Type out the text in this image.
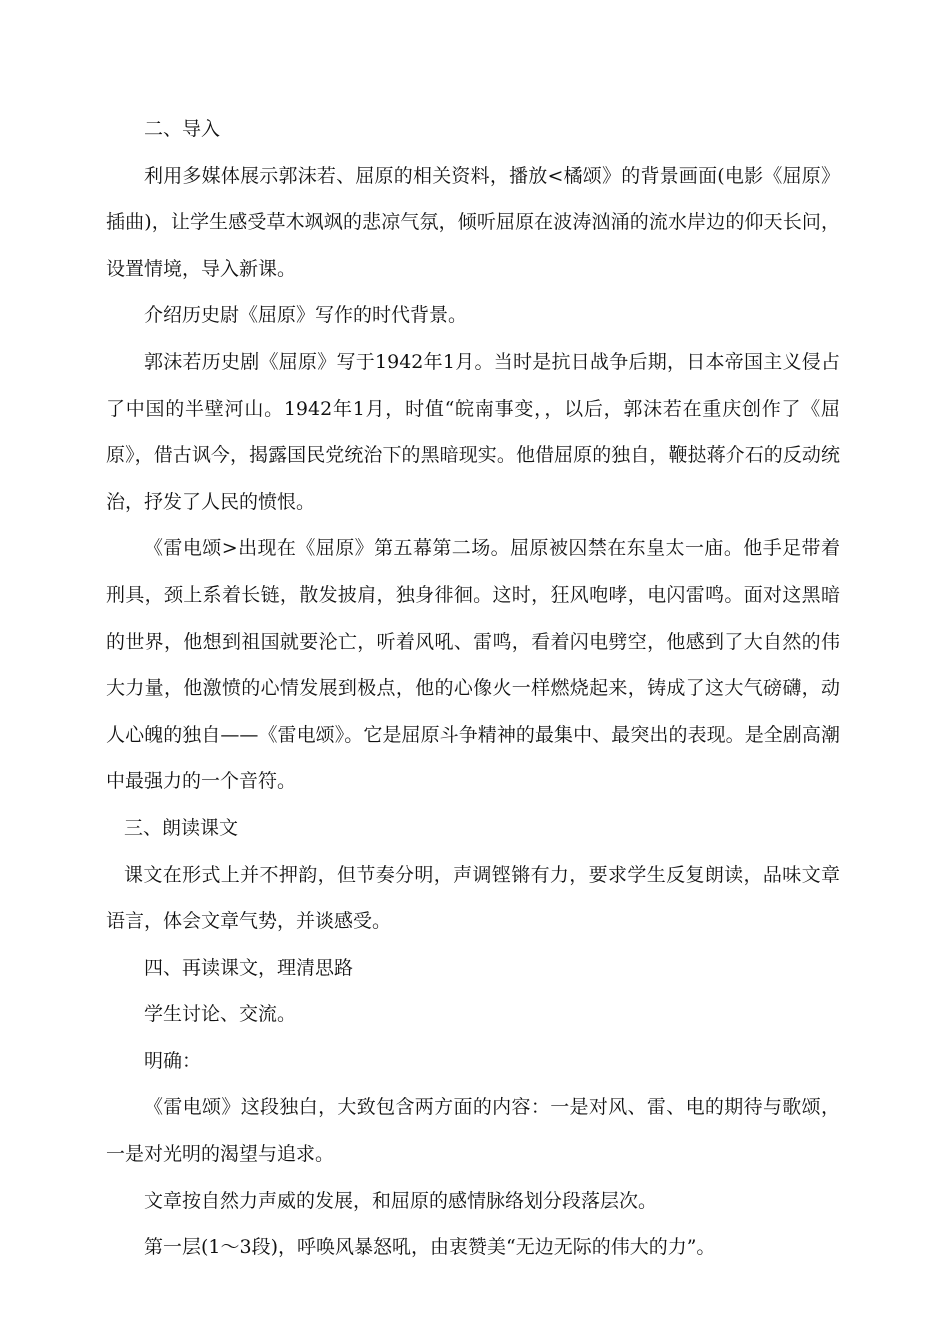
二、导入

利用多媒体展示郭沫若、屈原的相关资料，播放<橘颂》的背景画面(电影《屈原》插曲)，让学生感受草木飒飒的悲凉气氛，倾听屈原在波涛汹涌的流水岸边的仰天长问，设置情境，导入新课。

介绍历史尉《屈原》写作的时代背景。

郭沫若历史剧《屈原》写于1942年1月。当时是抗日战争后期，日本帝国主义侵占了中国的半壁河山。1942年1月，时值“皖南事变，，以后，郭沫若在重庆创作了《屈原》，借古讽今，揭露国民党统治下的黑暗现实。他借屈原的独自，鞭挞蒋介石的反动统治，抒发了人民的愤恨。

《雷电颂>出现在《屈原》第五幕第二场。屈原被囚禁在东皇太一庙。他手足带着刑具，颈上系着长链，散发披肩，独身徘徊。这时，狂风咆哮，电闪雷鸣。面对这黑暗的世界，他想到祖国就要沦亡，听着风吼、雷鸣，看着闪电劈空，他感到了大自然的伟大力量，他激愤的心情发展到极点，他的心像火一样燃烧起来，铸成了这大气磅礴，动人心魄的独自——《雷电颂》。它是屈原斗争精神的最集中、最突出的表现。是全剧高潮中最强力的一个音符。

三、朗读课文

课文在形式上并不押韵，但节奏分明，声调铿锵有力，要求学生反复朗读，品味文章语言，体会文章气势，并谈感受。

四、再读课文，理清思路

学生讨论、交流。

明确：

《雷电颂》这段独白，大致包含两方面的内容：一是对风、雷、电的期待与歌颂，一是对光明的渴望与追求。

文章按自然力声威的发展，和屈原的感情脉络划分段落层次。

第一层(1～3段)，呼唤风暴怒吼，由衷赞美“无边无际的伟大的力”。
